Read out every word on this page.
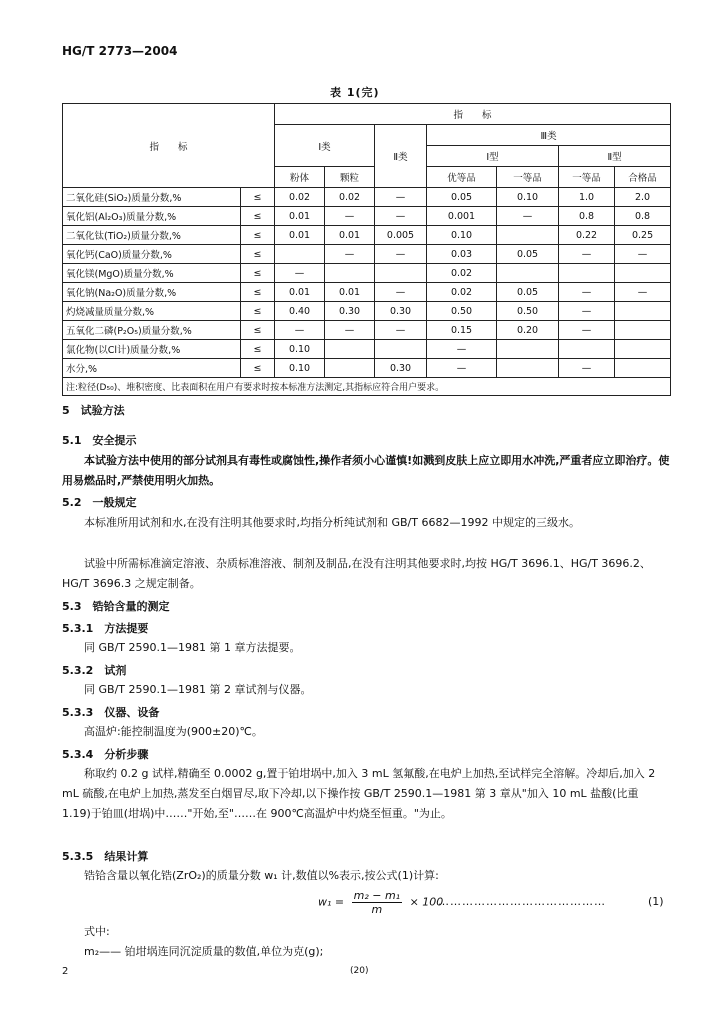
HG/T 2773—2004
表 1(完)
指　　标		指　　标						
		Ⅰ类		Ⅱ类	Ⅲ类			
					Ⅰ型		Ⅱ型	
		粉体	颗粒		优等品	一等品	一等品	合格品
二氧化硅(SiO₂)质量分数,%	≤	0.02	0.02	—	0.05	0.10	1.0	2.0
氧化铝(Al₂O₃)质量分数,%	≤	0.01	—	—	0.001	—	0.8	0.8
二氧化钛(TiO₂)质量分数,%	≤	0.01	0.01	0.005	0.10		0.22	0.25
氧化钙(CaO)质量分数,%	≤		—	—	0.03	0.05	—	—
氧化镁(MgO)质量分数,%	≤	—			0.02			
氧化钠(Na₂O)质量分数,%	≤	0.01	0.01	—	0.02	0.05	—	—
灼烧减量质量分数,%	≤	0.40	0.30	0.30	0.50	0.50	—	
五氧化二磷(P₂O₅)质量分数,%	≤	—	—	—	0.15	0.20	—	
氯化物(以Cl计)质量分数,%	≤	0.10			—			
水分,%	≤	0.10		0.30	—		—	
注:粒径(D₅₀)、堆积密度、比表面积在用户有要求时按本标准方法测定,其指标应符合用户要求。								
5　试验方法
5.1　安全提示
本试验方法中使用的部分试剂具有毒性或腐蚀性,操作者须小心谨慎!如溅到皮肤上应立即用水冲洗,严重者应立即治疗。使用易燃品时,严禁使用明火加热。
5.2　一般规定
本标准所用试剂和水,在没有注明其他要求时,均指分析纯试剂和 GB/T 6682—1992 中规定的三级水。
试验中所需标准滴定溶液、杂质标准溶液、制剂及制品,在没有注明其他要求时,均按 HG/T 3696.1、HG/T 3696.2、HG/T 3696.3 之规定制备。
5.3　锆铪含量的测定
5.3.1　方法提要
同 GB/T 2590.1—1981 第 1 章方法提要。
5.3.2　试剂
同 GB/T 2590.1—1981 第 2 章试剂与仪器。
5.3.3　仪器、设备
高温炉:能控制温度为(900±20)℃。
5.3.4　分析步骤
称取约 0.2 g 试样,精确至 0.0002 g,置于铂坩埚中,加入 3 mL 氢氟酸,在电炉上加热,至试样完全溶解。冷却后,加入 2 mL 硫酸,在电炉上加热,蒸发至白烟冒尽,取下冷却,以下操作按 GB/T 2590.1—1981 第 3 章从"加入 10 mL 盐酸(比重 1.19)于铂皿(坩埚)中……"开始,至"……在 900℃高温炉中灼烧至恒重。"为止。
5.3.5　结果计算
锆铪含量以氧化锆(ZrO₂)的质量分数 w₁ 计,数值以%表示,按公式(1)计算:
$w_1 = \frac{\text{m₂ − m₁}}{m} \times 100$
……………………………………	(1)
式中:
m₂—— 铂坩埚连同沉淀质量的数值,单位为克(g);
2	(20)
